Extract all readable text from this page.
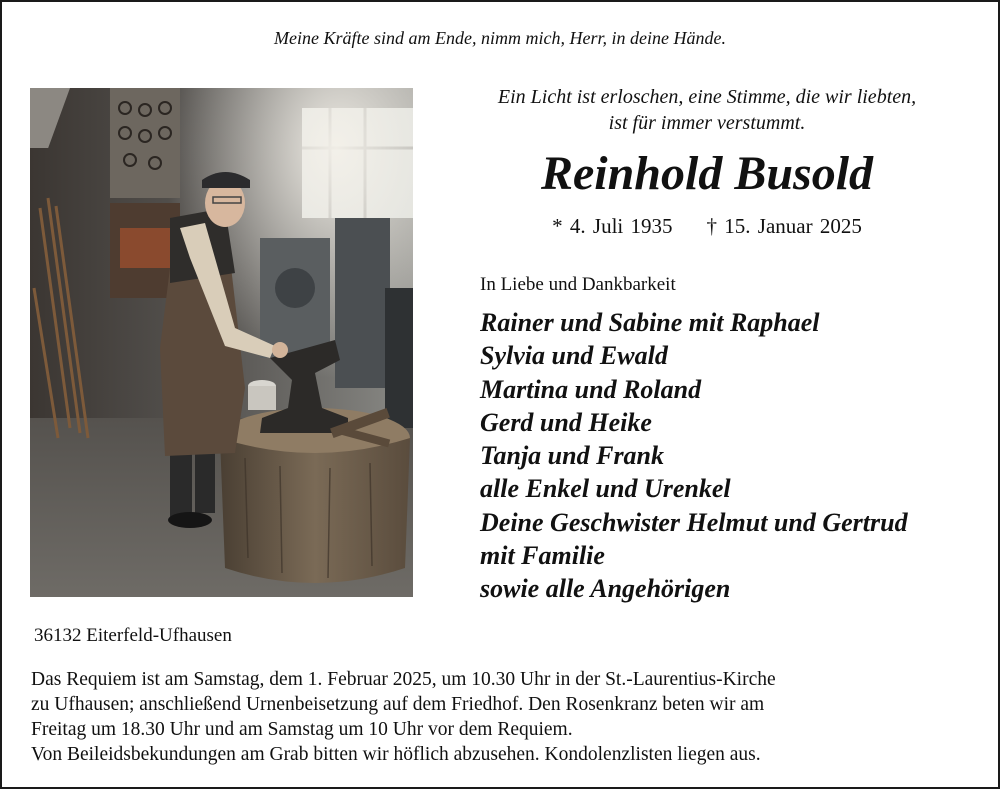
Meine Kräfte sind am Ende, nimm mich, Herr, in deine Hände.
Ein Licht ist erloschen, eine Stimme, die wir liebten,
ist für immer verstummt.
Reinhold Busold
* 4. Juli 1935 † 15. Januar 2025
In Liebe und Dankbarkeit
Rainer und Sabine mit Raphael
Sylvia und Ewald
Martina und Roland
Gerd und Heike
Tanja und Frank
alle Enkel und Urenkel
Deine Geschwister Helmut und Gertrud
mit Familie
sowie alle Angehörigen
36132 Eiterfeld-Ufhausen

Das Requiem ist am Samstag, dem 1. Februar 2025, um 10.30 Uhr in der St.-Laurentius-Kirche

zu Ufhausen; anschließend Urnenbeisetzung auf dem Friedhof. Den Rosenkranz beten wir am

Freitag um 18.30 Uhr und am Samstag um 10 Uhr vor dem Requiem.

Von Beileidsbekundungen am Grab bitten wir höflich abzusehen. Kondolenzlisten liegen aus.
